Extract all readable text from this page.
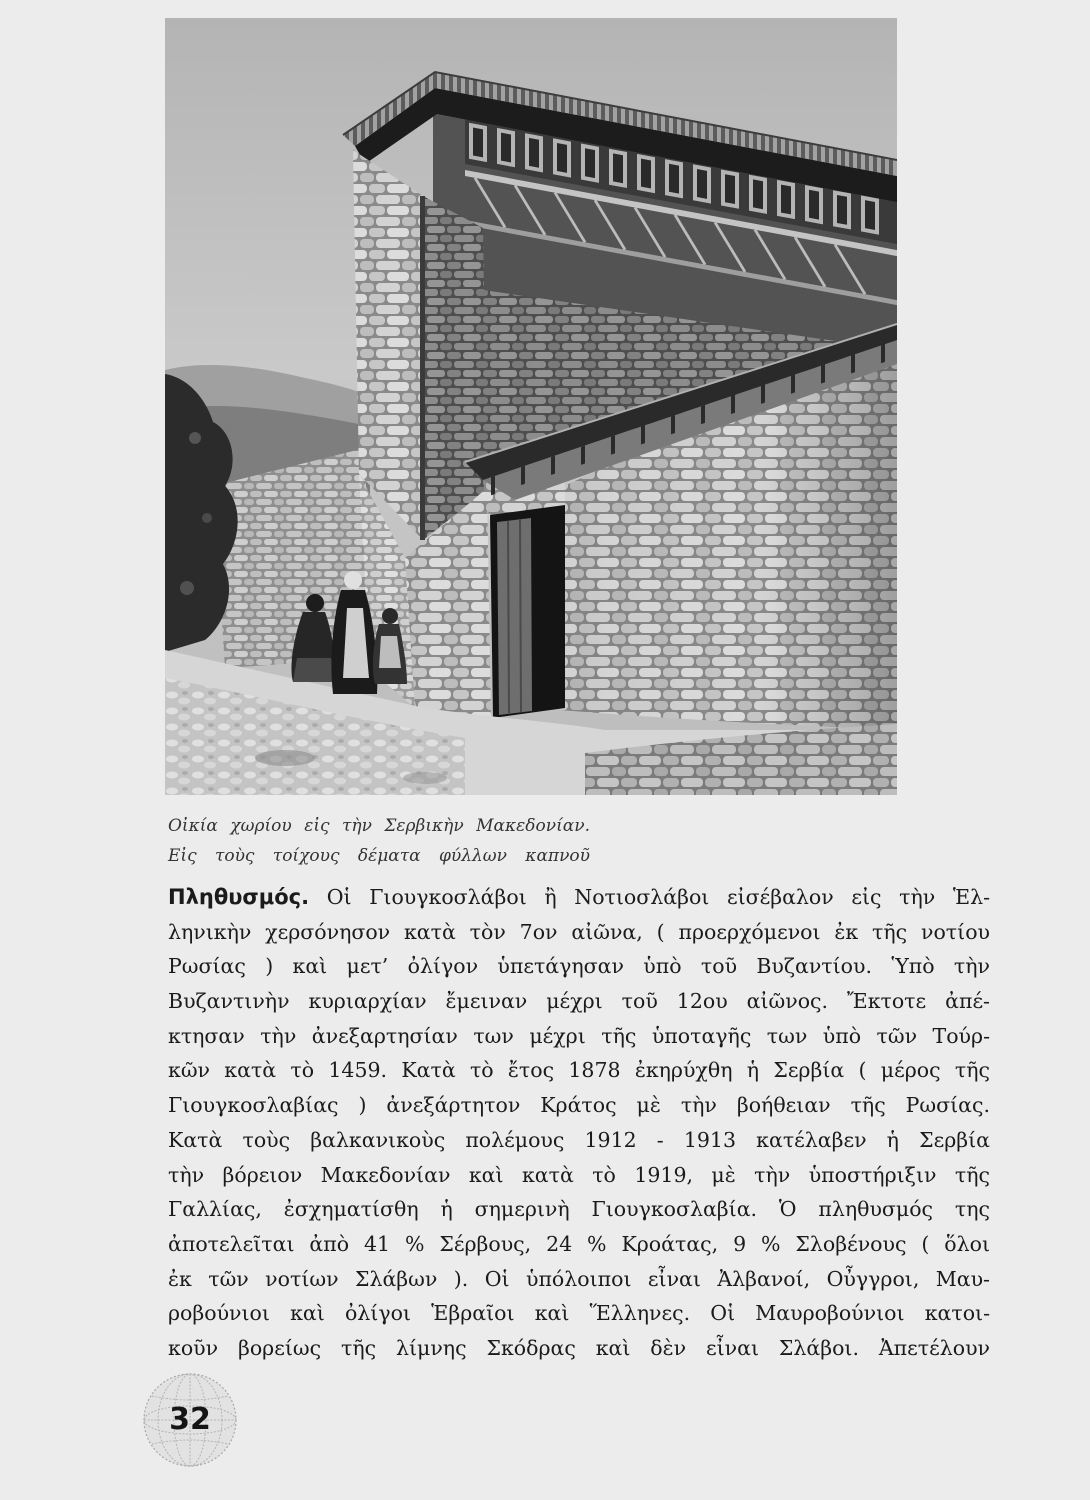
Οἰκία χωρίου εἰς τὴν Σερβικὴν Μακεδονίαν.
Εἰς τοὺς τοίχους δέματα φύλλων καπνοῦ
Πληθυσμός. Οἱ Γιουγκοσλάβοι ἢ Νοτιοσλάβοι εἰσέβαλον εἰς τὴν Ἑλ-
ληνικὴν χερσόνησον κατὰ τὸν 7ον αἰῶνα, ( προερχόμενοι ἐκ τῆς νοτίου
Ρωσίας ) καὶ μετ’ ὀλίγον ὑπετάγησαν ὑπὸ τοῦ Βυζαντίου. Ὑπὸ τὴν
Βυζαντινὴν κυριαρχίαν ἔμειναν μέχρι τοῦ 12ου αἰῶνος. Ἔκτοτε ἀπέ-
κτησαν τὴν ἀνεξαρτησίαν των μέχρι τῆς ὑποταγῆς των ὑπὸ τῶν Τούρ-
κῶν κατὰ τὸ 1459. Κατὰ τὸ ἔτος 1878 ἐκηρύχθη ἡ Σερβία ( μέρος τῆς
Γιουγκοσλαβίας ) ἀνεξάρτητον Κράτος μὲ τὴν βοήθειαν τῆς Ρωσίας.
Κατὰ τοὺς βαλκανικοὺς πολέμους 1912 - 1913 κατέλαβεν ἡ Σερβία
τὴν βόρειον Μακεδονίαν καὶ κατὰ τὸ 1919, μὲ τὴν ὑποστήριξιν τῆς
Γαλλίας, ἐσχηματίσθη ἡ σημερινὴ Γιουγκοσλαβία. Ὁ πληθυσμός της
ἀποτελεῖται ἀπὸ 41 % Σέρβους, 24 % Κροάτας, 9 % Σλοβένους ( ὅλοι
ἐκ τῶν νοτίων Σλάβων ). Οἱ ὑπόλοιποι εἶναι Ἀλβανοί, Οὖγγροι, Μαυ-
ροβούνιοι καὶ ὀλίγοι Ἑβραῖοι καὶ Ἕλληνες. Οἱ Μαυροβούνιοι κατοι-
κοῦν βορείως τῆς λίμνης Σκόδρας καὶ δὲν εἶναι Σλάβοι. Ἀπετέλουν
32
